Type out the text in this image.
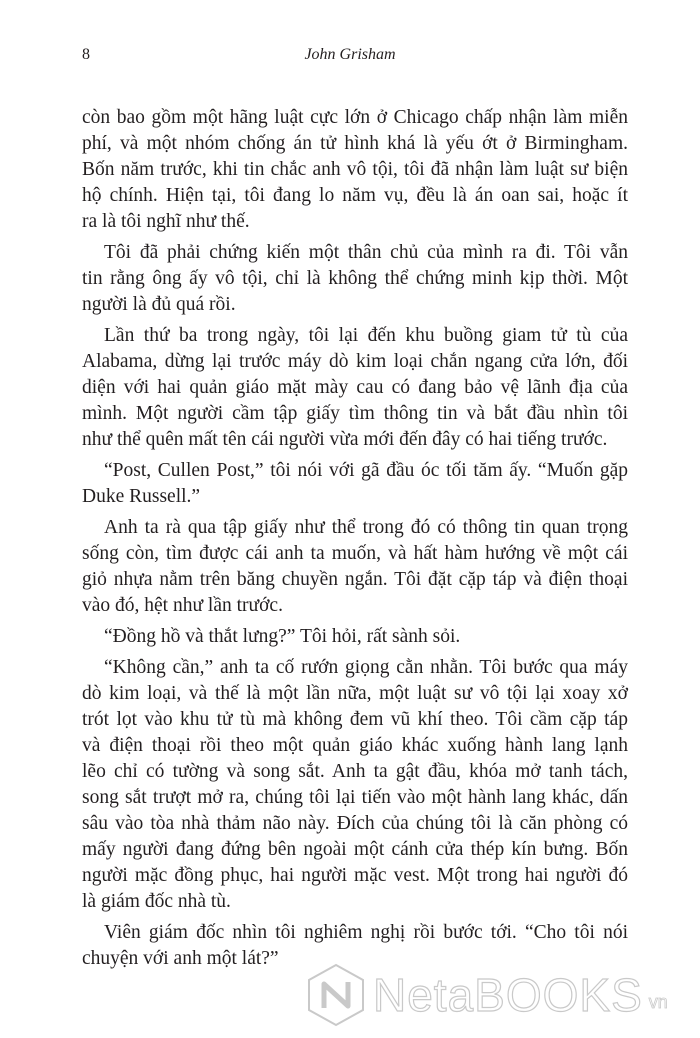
8	John Grisham
còn bao gồm một hãng luật cực lớn ở Chicago chấp nhận làm miễn
phí, và một nhóm chống án tử hình khá là yếu ớt ở Birmingham.
Bốn năm trước, khi tin chắc anh vô tội, tôi đã nhận làm luật sư biện
hộ chính. Hiện tại, tôi đang lo năm vụ, đều là án oan sai, hoặc ít
ra là tôi nghĩ như thế.
Tôi đã phải chứng kiến một thân chủ của mình ra đi. Tôi vẫn
tin rằng ông ấy vô tội, chỉ là không thể chứng minh kịp thời. Một
người là đủ quá rồi.
Lần thứ ba trong ngày, tôi lại đến khu buồng giam tử tù của
Alabama, dừng lại trước máy dò kim loại chắn ngang cửa lớn, đối
diện với hai quản giáo mặt mày cau có đang bảo vệ lãnh địa của
mình. Một người cầm tập giấy tìm thông tin và bắt đầu nhìn tôi
như thể quên mất tên cái người vừa mới đến đây có hai tiếng trước.
“Post, Cullen Post,” tôi nói với gã đầu óc tối tăm ấy. “Muốn gặp
Duke Russell.”
Anh ta rà qua tập giấy như thể trong đó có thông tin quan trọng
sống còn, tìm được cái anh ta muốn, và hất hàm hướng về một cái
giỏ nhựa nằm trên băng chuyền ngắn. Tôi đặt cặp táp và điện thoại
vào đó, hệt như lần trước.
“Đồng hồ và thắt lưng?” Tôi hỏi, rất sành sỏi.
“Không cần,” anh ta cố rướn giọng cằn nhằn. Tôi bước qua máy
dò kim loại, và thế là một lần nữa, một luật sư vô tội lại xoay xở
trót lọt vào khu tử tù mà không đem vũ khí theo. Tôi cầm cặp táp
và điện thoại rồi theo một quản giáo khác xuống hành lang lạnh
lẽo chỉ có tường và song sắt. Anh ta gật đầu, khóa mở tanh tách,
song sắt trượt mở ra, chúng tôi lại tiến vào một hành lang khác, dấn
sâu vào tòa nhà thảm não này. Đích của chúng tôi là căn phòng có
mấy người đang đứng bên ngoài một cánh cửa thép kín bưng. Bốn
người mặc đồng phục, hai người mặc vest. Một trong hai người đó
là giám đốc nhà tù.
Viên giám đốc nhìn tôi nghiêm nghị rồi bước tới. “Cho tôi nói
chuyện với anh một lát?”
NetaBOOKS vn
